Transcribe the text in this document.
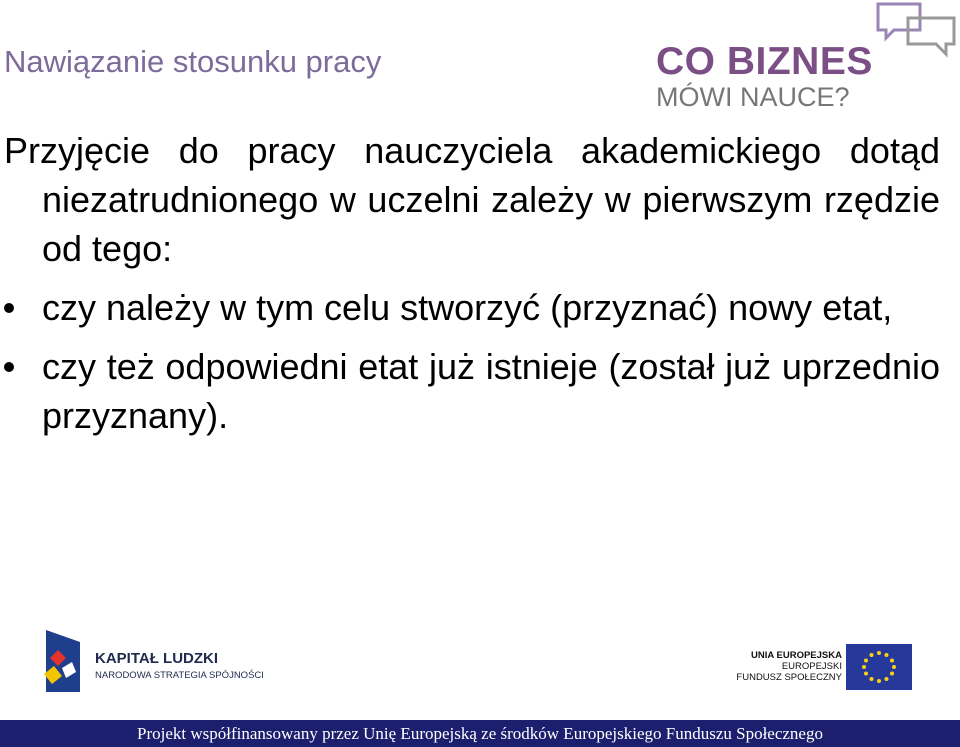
Nawiązanie stosunku pracy	CO BIZNES
MÓWI NAUCE?

Przyjęcie do pracy nauczyciela akademickiego dotąd niezatrudnionego w uczelni zależy w pierwszym rzędzie od tego:

czy należy w tym celu stworzyć (przyznać) nowy etat,
czy też odpowiedni etat już istnieje (został już uprzednio przyznany).
KAPITAŁ LUDZKI
NARODOWA STRATEGIA SPÓJNOŚCI
UNIA EUROPEJSKA
EUROPEJSKI
FUNDUSZ SPOŁECZNY
Projekt współfinansowany przez Unię Europejską ze środków Europejskiego Funduszu Społecznego
